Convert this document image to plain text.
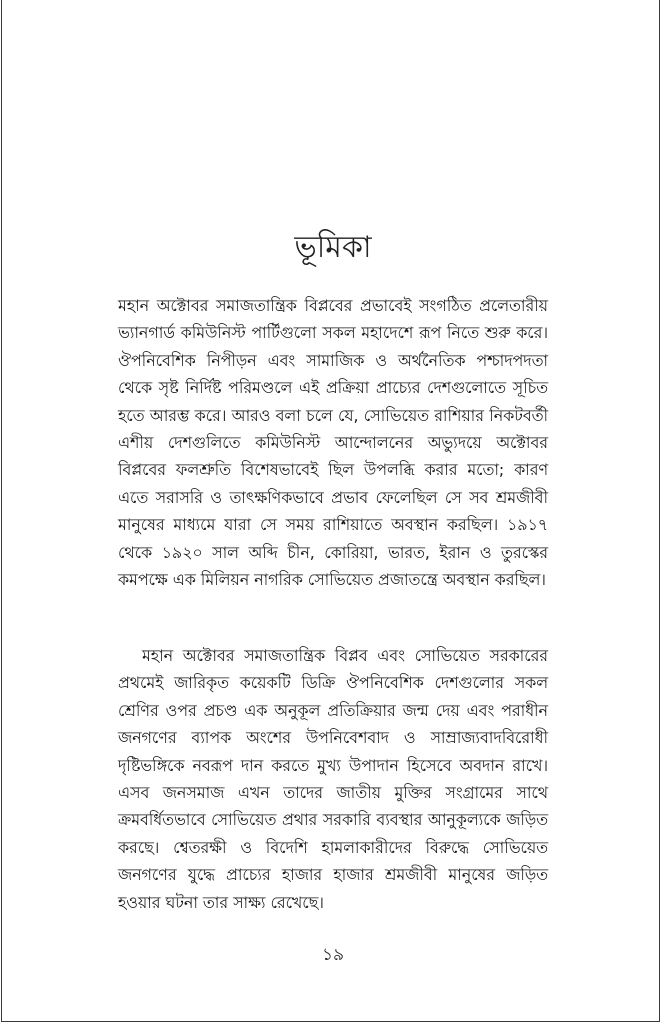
ভূমিকা

মহান অক্টোবর সমাজতান্ত্রিক বিপ্লবের প্রভাবেই সংগঠিত প্রলেতারীয় ভ্যানগার্ড কমিউনিস্ট পার্টিগুলো সকল মহাদেশে রূপ নিতে শুরু করে। ঔপনিবেশিক নিপীড়ন এবং সামাজিক ও অর্থনৈতিক পশ্চাদপদতা থেকে সৃষ্ট নির্দিষ্ট পরিমণ্ডলে এই প্রক্রিয়া প্রাচ্যের দেশগুলোতে সূচিত হতে আরম্ভ করে। আরও বলা চলে যে, সোভিয়েত রাশিয়ার নিকটবর্তী এশীয় দেশগুলিতে কমিউনিস্ট আন্দোলনের অভ্যুদয়ে অক্টোবর বিপ্লবের ফলশ্রুতি বিশেষভাবেই ছিল উপলব্ধি করার মতো; কারণ এতে সরাসরি ও তাৎক্ষণিকভাবে প্রভাব ফেলেছিল সে সব শ্রমজীবী মানুষের মাধ্যমে যারা সে সময় রাশিয়াতে অবস্থান করছিল। ১৯১৭ থেকে ১৯২০ সাল অব্দি চীন, কোরিয়া, ভারত, ইরান ও তুরস্কের কমপক্ষে এক মিলিয়ন নাগরিক সোভিয়েত প্রজাতন্ত্রে অবস্থান করছিল।

মহান অক্টোবর সমাজতান্ত্রিক বিপ্লব এবং সোভিয়েত সরকারের প্রথমেই জারিকৃত কয়েকটি ডিক্রি ঔপনিবেশিক দেশগুলোর সকল শ্রেণির ওপর প্রচণ্ড এক অনুকূল প্রতিক্রিয়ার জন্ম দেয় এবং পরাধীন জনগণের ব্যাপক অংশের উপনিবেশবাদ ও সাম্রাজ্যবাদবিরোধী দৃষ্টিভঙ্গিকে নবরূপ দান করতে মুখ্য উপাদান হিসেবে অবদান রাখে। এসব জনসমাজ এখন তাদের জাতীয় মুক্তির সংগ্রামের সাথে ক্রমবর্ধিতভাবে সোভিয়েত প্রথার সরকারি ব্যবস্থার আনুকূল্যকে জড়িত করছে। শ্বেতরক্ষী ও বিদেশি হামলাকারীদের বিরুদ্ধে সোভিয়েত জনগণের যুদ্ধে প্রাচ্যের হাজার হাজার শ্রমজীবী মানুষের জড়িত হওয়ার ঘটনা তার সাক্ষ্য রেখেছে।

১৯
